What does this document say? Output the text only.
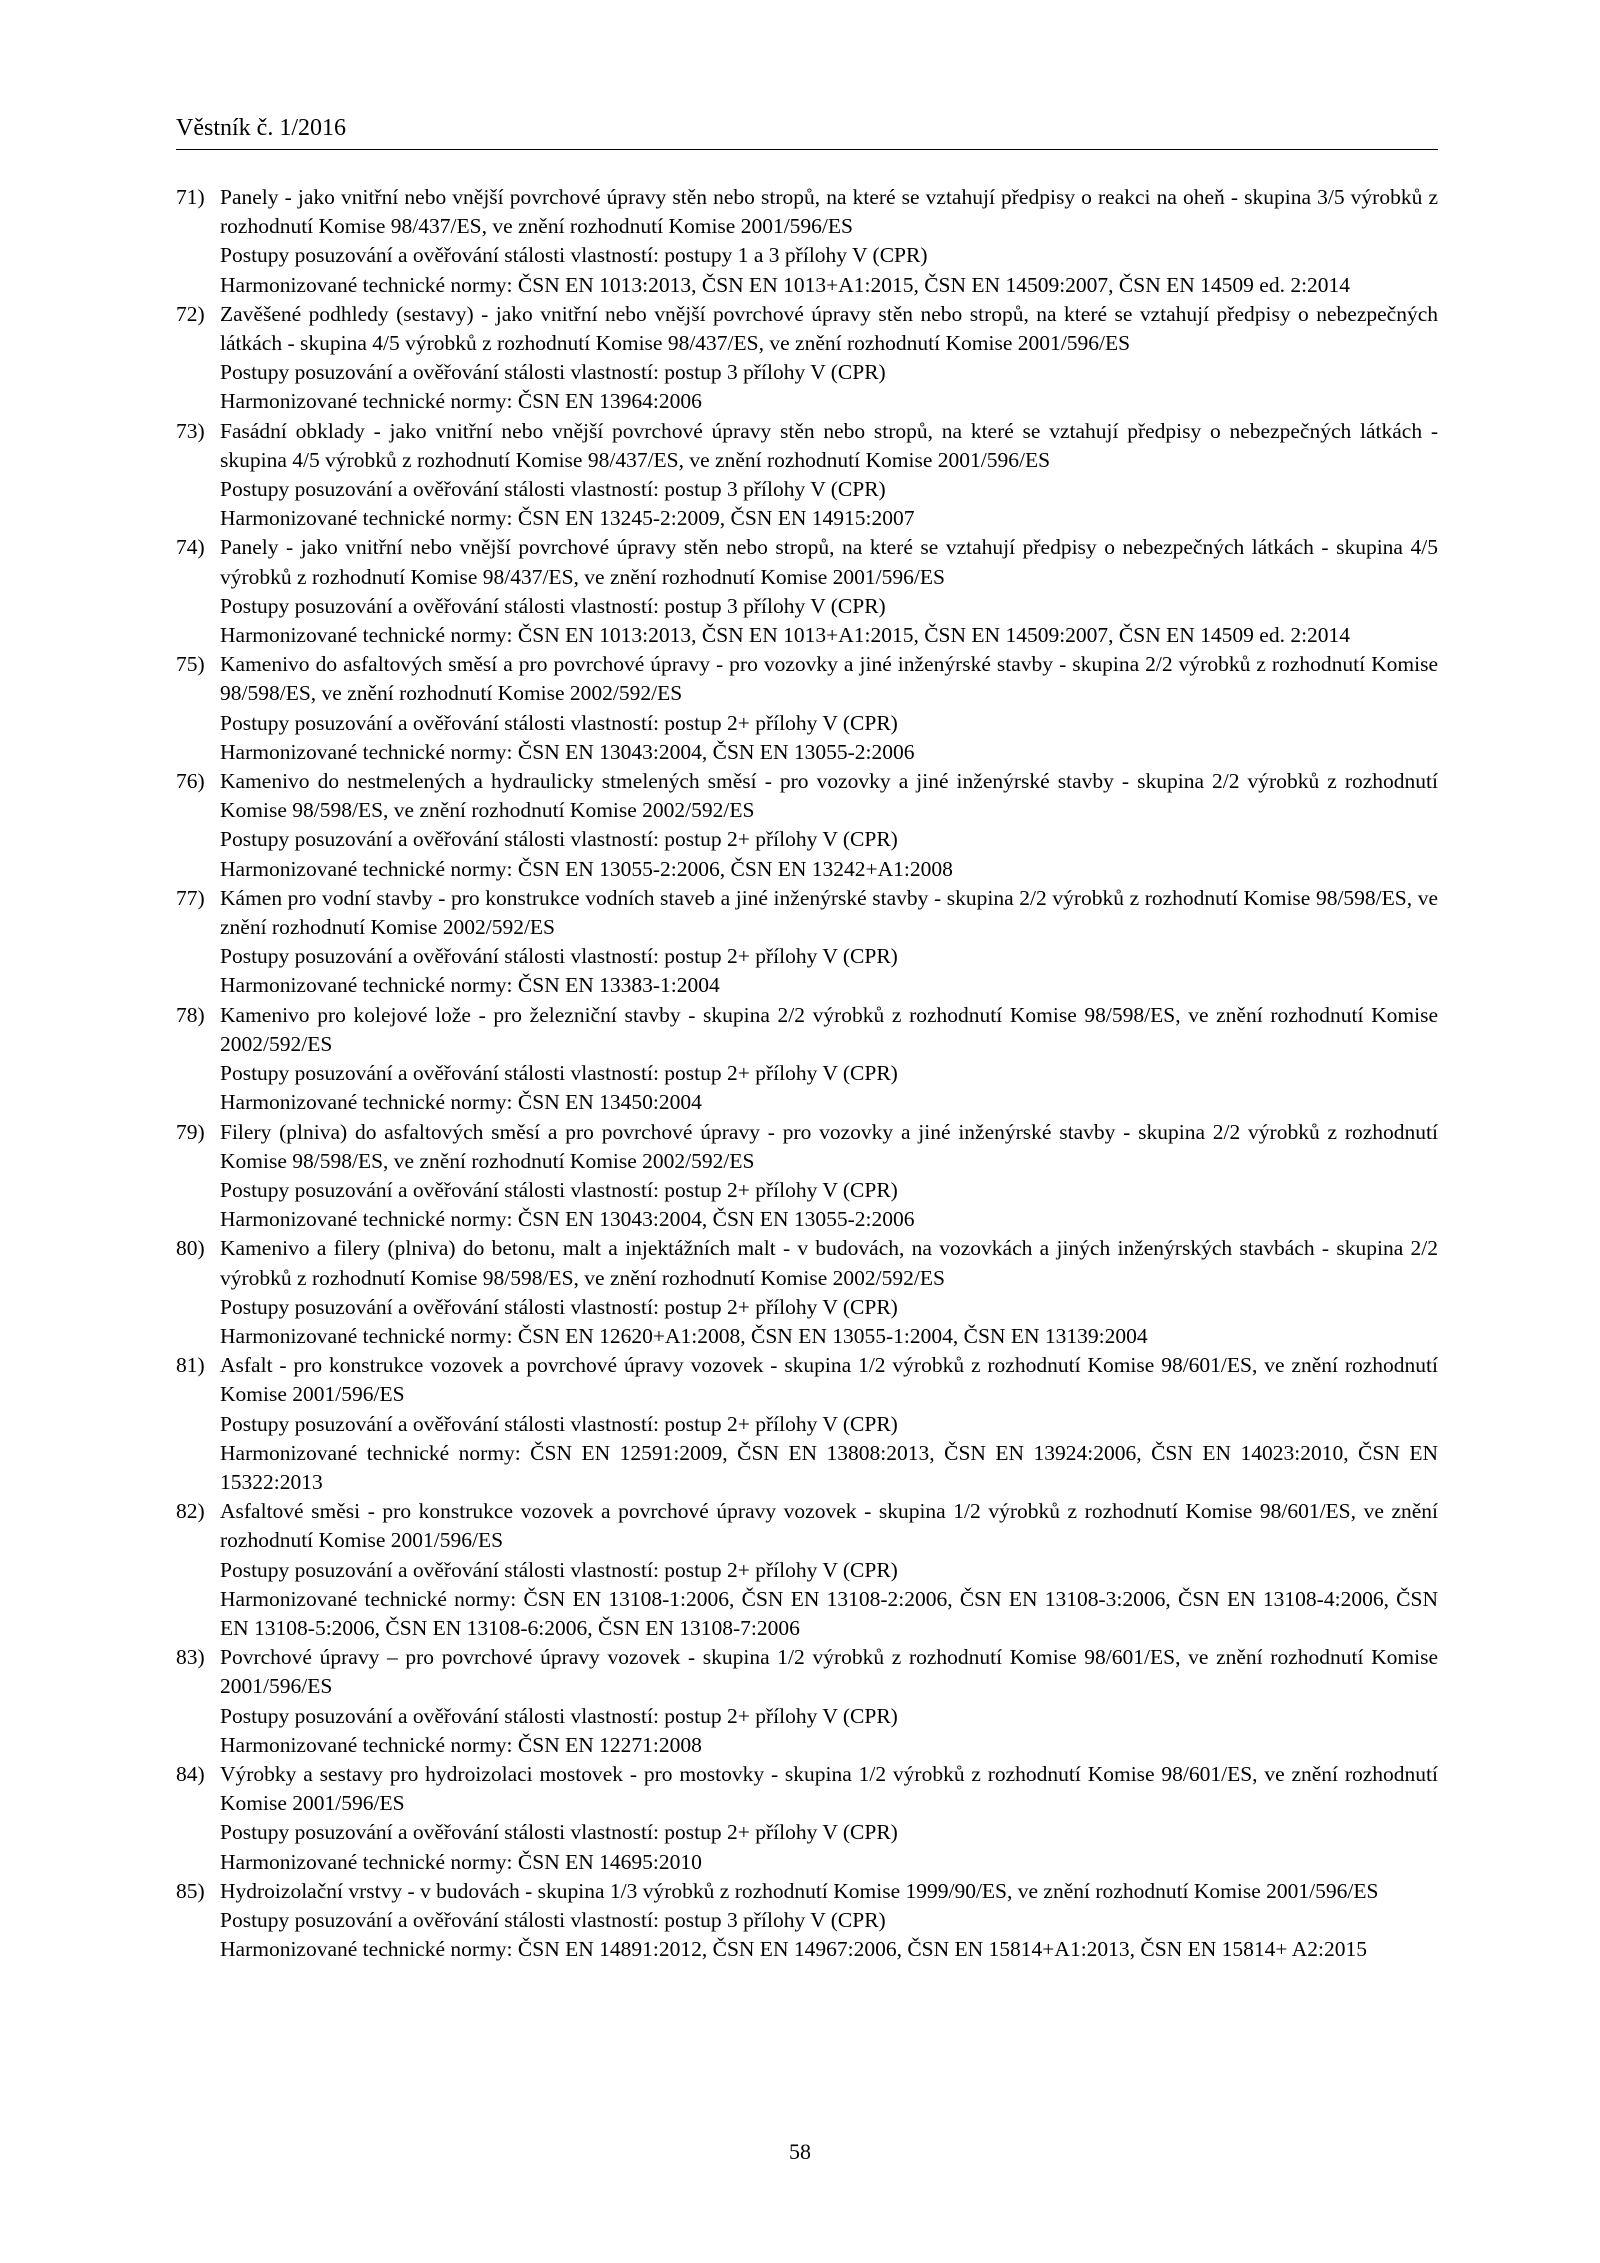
Věstník č. 1/2016
71) Panely - jako vnitřní nebo vnější povrchové úpravy stěn nebo stropů, na které se vztahují předpisy o reakci na oheň - skupina 3/5 výrobků z rozhodnutí Komise 98/437/ES, ve znění rozhodnutí Komise 2001/596/ES
Postupy posuzování a ověřování stálosti vlastností: postupy 1 a 3 přílohy V (CPR)
Harmonizované technické normy: ČSN EN 1013:2013, ČSN EN 1013+A1:2015, ČSN EN 14509:2007, ČSN EN 14509 ed. 2:2014
72) Zavěšené podhledy (sestavy) - jako vnitřní nebo vnější povrchové úpravy stěn nebo stropů, na které se vztahují předpisy o nebezpečných látkách - skupina 4/5 výrobků z rozhodnutí Komise 98/437/ES, ve znění rozhodnutí Komise 2001/596/ES
Postupy posuzování a ověřování stálosti vlastností: postup 3 přílohy V (CPR)
Harmonizované technické normy: ČSN EN 13964:2006
73) Fasádní obklady - jako vnitřní nebo vnější povrchové úpravy stěn nebo stropů, na které se vztahují předpisy o nebezpečných látkách - skupina 4/5 výrobků z rozhodnutí Komise 98/437/ES, ve znění rozhodnutí Komise 2001/596/ES
Postupy posuzování a ověřování stálosti vlastností: postup 3 přílohy V (CPR)
Harmonizované technické normy: ČSN EN 13245-2:2009, ČSN EN 14915:2007
74) Panely - jako vnitřní nebo vnější povrchové úpravy stěn nebo stropů, na které se vztahují předpisy o nebezpečných látkách - skupina 4/5 výrobků z rozhodnutí Komise 98/437/ES, ve znění rozhodnutí Komise 2001/596/ES
Postupy posuzování a ověřování stálosti vlastností: postup 3 přílohy V (CPR)
Harmonizované technické normy: ČSN EN 1013:2013, ČSN EN 1013+A1:2015, ČSN EN 14509:2007, ČSN EN 14509 ed. 2:2014
75) Kamenivo do asfaltových směsí a pro povrchové úpravy - pro vozovky a jiné inženýrské stavby - skupina 2/2 výrobků z rozhodnutí Komise 98/598/ES, ve znění rozhodnutí Komise 2002/592/ES
Postupy posuzování a ověřování stálosti vlastností: postup 2+ přílohy V (CPR)
Harmonizované technické normy: ČSN EN 13043:2004, ČSN EN 13055-2:2006
76) Kamenivo do nestmelených a hydraulicky stmelených směsí - pro vozovky a jiné inženýrské stavby - skupina 2/2 výrobků z rozhodnutí Komise 98/598/ES, ve znění rozhodnutí Komise 2002/592/ES
Postupy posuzování a ověřování stálosti vlastností: postup 2+ přílohy V (CPR)
Harmonizované technické normy: ČSN EN 13055-2:2006, ČSN EN 13242+A1:2008
77) Kámen pro vodní stavby - pro konstrukce vodních staveb a jiné inženýrské stavby - skupina 2/2 výrobků z rozhodnutí Komise 98/598/ES, ve znění rozhodnutí Komise 2002/592/ES
Postupy posuzování a ověřování stálosti vlastností: postup 2+ přílohy V (CPR)
Harmonizované technické normy: ČSN EN 13383-1:2004
78) Kamenivo pro kolejové lože - pro železniční stavby - skupina 2/2 výrobků z rozhodnutí Komise 98/598/ES, ve znění rozhodnutí Komise 2002/592/ES
Postupy posuzování a ověřování stálosti vlastností: postup 2+ přílohy V (CPR)
Harmonizované technické normy: ČSN EN 13450:2004
79) Filery (plniva) do asfaltových směsí a pro povrchové úpravy - pro vozovky a jiné inženýrské stavby - skupina 2/2 výrobků z rozhodnutí Komise 98/598/ES, ve znění rozhodnutí Komise 2002/592/ES
Postupy posuzování a ověřování stálosti vlastností: postup 2+ přílohy V (CPR)
Harmonizované technické normy: ČSN EN 13043:2004, ČSN EN 13055-2:2006
80) Kamenivo a filery (plniva) do betonu, malt a injektážních malt - v budovách, na vozovkách a jiných inženýrských stavbách - skupina 2/2 výrobků z rozhodnutí Komise 98/598/ES, ve znění rozhodnutí Komise 2002/592/ES
Postupy posuzování a ověřování stálosti vlastností: postup 2+ přílohy V (CPR)
Harmonizované technické normy: ČSN EN 12620+A1:2008, ČSN EN 13055-1:2004, ČSN EN 13139:2004
81) Asfalt - pro konstrukce vozovek a povrchové úpravy vozovek - skupina 1/2 výrobků z rozhodnutí Komise 98/601/ES, ve znění rozhodnutí Komise 2001/596/ES
Postupy posuzování a ověřování stálosti vlastností: postup 2+ přílohy V (CPR)
Harmonizované technické normy: ČSN EN 12591:2009, ČSN EN 13808:2013, ČSN EN 13924:2006, ČSN EN 14023:2010, ČSN EN 15322:2013
82) Asfaltové směsi - pro konstrukce vozovek a povrchové úpravy vozovek - skupina 1/2 výrobků z rozhodnutí Komise 98/601/ES, ve znění rozhodnutí Komise 2001/596/ES
Postupy posuzování a ověřování stálosti vlastností: postup 2+ přílohy V (CPR)
Harmonizované technické normy: ČSN EN 13108-1:2006, ČSN EN 13108-2:2006, ČSN EN 13108-3:2006, ČSN EN 13108-4:2006, ČSN EN 13108-5:2006, ČSN EN 13108-6:2006, ČSN EN 13108-7:2006
83) Povrchové úpravy – pro povrchové úpravy vozovek - skupina 1/2 výrobků z rozhodnutí Komise 98/601/ES, ve znění rozhodnutí Komise 2001/596/ES
Postupy posuzování a ověřování stálosti vlastností: postup 2+ přílohy V (CPR)
Harmonizované technické normy: ČSN EN 12271:2008
84) Výrobky a sestavy pro hydroizolaci mostovek - pro mostovky - skupina 1/2 výrobků z rozhodnutí Komise 98/601/ES, ve znění rozhodnutí Komise 2001/596/ES
Postupy posuzování a ověřování stálosti vlastností: postup 2+ přílohy V (CPR)
Harmonizované technické normy: ČSN EN 14695:2010
85) Hydroizolační vrstvy - v budovách - skupina 1/3 výrobků z rozhodnutí Komise 1999/90/ES, ve znění rozhodnutí Komise 2001/596/ES
Postupy posuzování a ověřování stálosti vlastností: postup 3 přílohy V (CPR)
Harmonizované technické normy: ČSN EN 14891:2012, ČSN EN 14967:2006, ČSN EN 15814+A1:2013, ČSN EN 15814+ A2:2015
58
